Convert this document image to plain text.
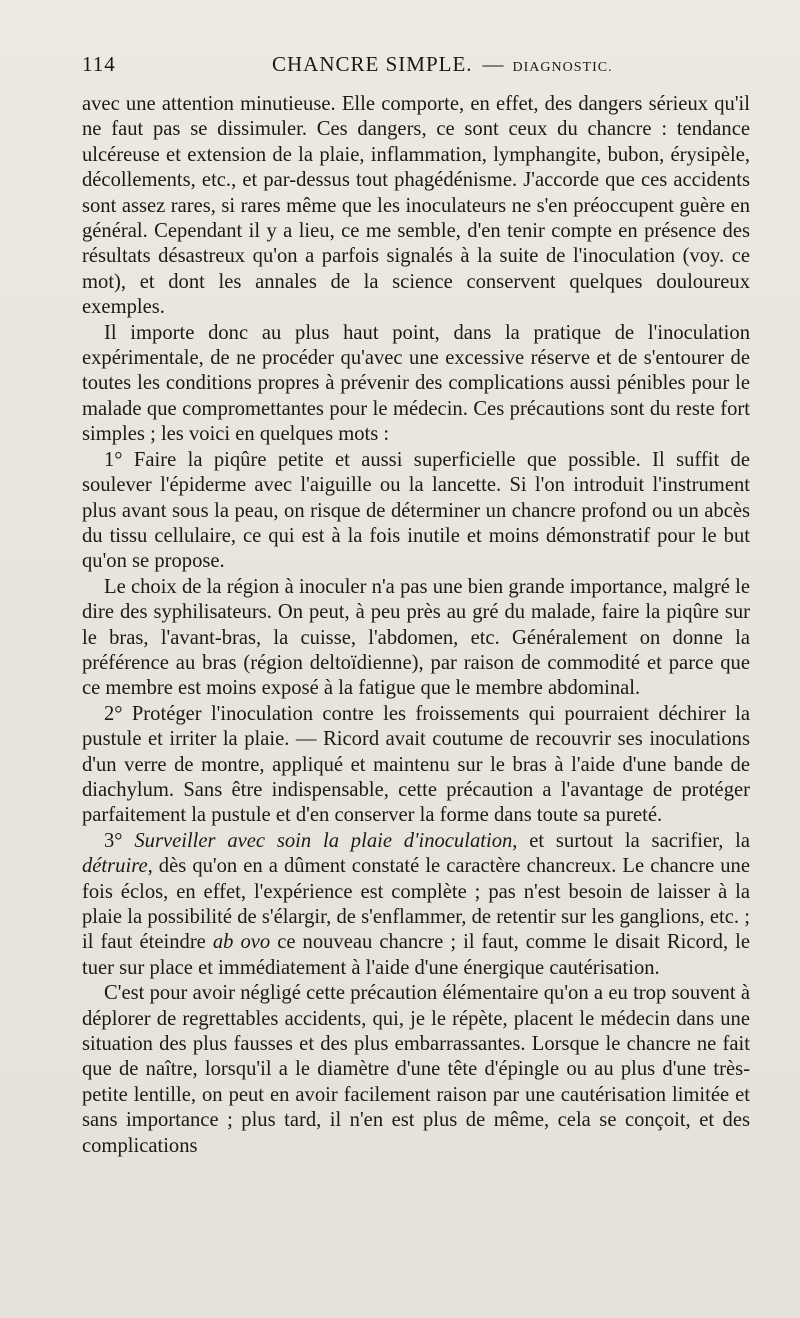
114	CHANCRE SIMPLE. — DIAGNOSTIC.

avec une attention minutieuse. Elle comporte, en effet, des dangers sérieux qu'il ne faut pas se dissimuler. Ces dangers, ce sont ceux du chancre : tendance ulcéreuse et extension de la plaie, inflammation, lymphangite, bubon, érysipèle, décollements, etc., et par-dessus tout phagédénisme. J'accorde que ces accidents sont assez rares, si rares même que les inoculateurs ne s'en préoccupent guère en général. Cependant il y a lieu, ce me semble, d'en tenir compte en présence des résultats désastreux qu'on a parfois signalés à la suite de l'inoculation (voy. ce mot), et dont les annales de la science conservent quelques douloureux exemples.

Il importe donc au plus haut point, dans la pratique de l'inoculation expérimentale, de ne procéder qu'avec une excessive réserve et de s'entourer de toutes les conditions propres à prévenir des complications aussi pénibles pour le malade que compromettantes pour le médecin. Ces précautions sont du reste fort simples ; les voici en quelques mots :

1° Faire la piqûre petite et aussi superficielle que possible. Il suffit de soulever l'épiderme avec l'aiguille ou la lancette. Si l'on introduit l'instrument plus avant sous la peau, on risque de déterminer un chancre profond ou un abcès du tissu cellulaire, ce qui est à la fois inutile et moins démonstratif pour le but qu'on se propose.

Le choix de la région à inoculer n'a pas une bien grande importance, malgré le dire des syphilisateurs. On peut, à peu près au gré du malade, faire la piqûre sur le bras, l'avant-bras, la cuisse, l'abdomen, etc. Généralement on donne la préférence au bras (région deltoïdienne), par raison de commodité et parce que ce membre est moins exposé à la fatigue que le membre abdominal.

2° Protéger l'inoculation contre les froissements qui pourraient déchirer la pustule et irriter la plaie. — Ricord avait coutume de recouvrir ses inoculations d'un verre de montre, appliqué et maintenu sur le bras à l'aide d'une bande de diachylum. Sans être indispensable, cette précaution a l'avantage de protéger parfaitement la pustule et d'en conserver la forme dans toute sa pureté.

3° Surveiller avec soin la plaie d'inoculation, et surtout la sacrifier, la détruire, dès qu'on en a dûment constaté le caractère chancreux. Le chancre une fois éclos, en effet, l'expérience est complète ; pas n'est besoin de laisser à la plaie la possibilité de s'élargir, de s'enflammer, de retentir sur les ganglions, etc. ; il faut éteindre ab ovo ce nouveau chancre ; il faut, comme le disait Ricord, le tuer sur place et immédiatement à l'aide d'une énergique cautérisation.

C'est pour avoir négligé cette précaution élémentaire qu'on a eu trop souvent à déplorer de regrettables accidents, qui, je le répète, placent le médecin dans une situation des plus fausses et des plus embarrassantes. Lorsque le chancre ne fait que de naître, lorsqu'il a le diamètre d'une tête d'épingle ou au plus d'une très-petite lentille, on peut en avoir facilement raison par une cautérisation limitée et sans importance ; plus tard, il n'en est plus de même, cela se conçoit, et des complications
